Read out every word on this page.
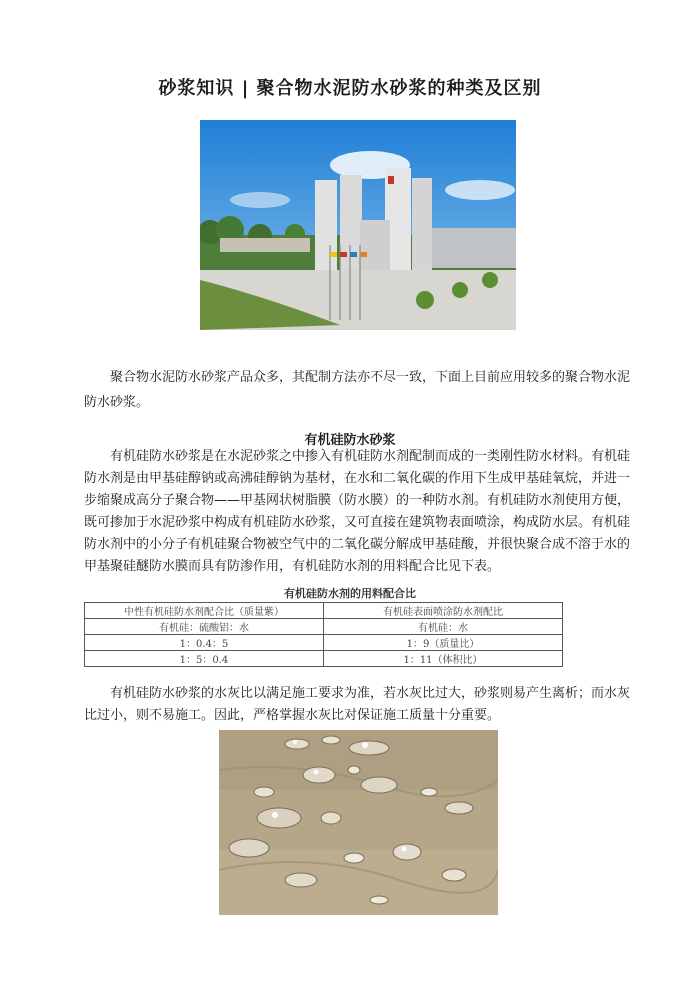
砂浆知识 | 聚合物水泥防水砂浆的种类及区别

聚合物水泥防水砂浆产品众多，其配制方法亦不尽一致，下面上目前应用较多的聚合物水泥防水砂浆。

有机硅防水砂浆

有机硅防水砂浆是在水泥砂浆之中掺入有机硅防水剂配制而成的一类刚性防水材料。有机硅防水剂是由甲基硅醇钠或高沸硅醇钠为基材，在水和二氧化碳的作用下生成甲基硅氧烷，并进一步缩聚成高分子聚合物——甲基网状树脂膜（防水膜）的一种防水剂。有机硅防水剂使用方便，既可掺加于水泥砂浆中构成有机硅防水砂浆，又可直接在建筑物表面喷涂，构成防水层。有机硅防水剂中的小分子有机硅聚合物被空气中的二氧化碳分解成甲基硅酸，并很快聚合成不溶于水的甲基聚硅醚防水膜而具有防渗作用，有机硅防水剂的用料配合比见下表。

有机硅防水剂的用料配合比
中性有机硅防水剂配合比（质量紫）	有机硅表面喷涂防水剂配比
有机硅：硫酸铝：水	有机硅：水
1：0.4：5	1：9（质量比）
1：5：0.4	1：11（体积比）

有机硅防水砂浆的水灰比以满足施工要求为准，若水灰比过大，砂浆则易产生离析；而水灰比过小，则不易施工。因此，严格掌握水灰比对保证施工质量十分重要。
